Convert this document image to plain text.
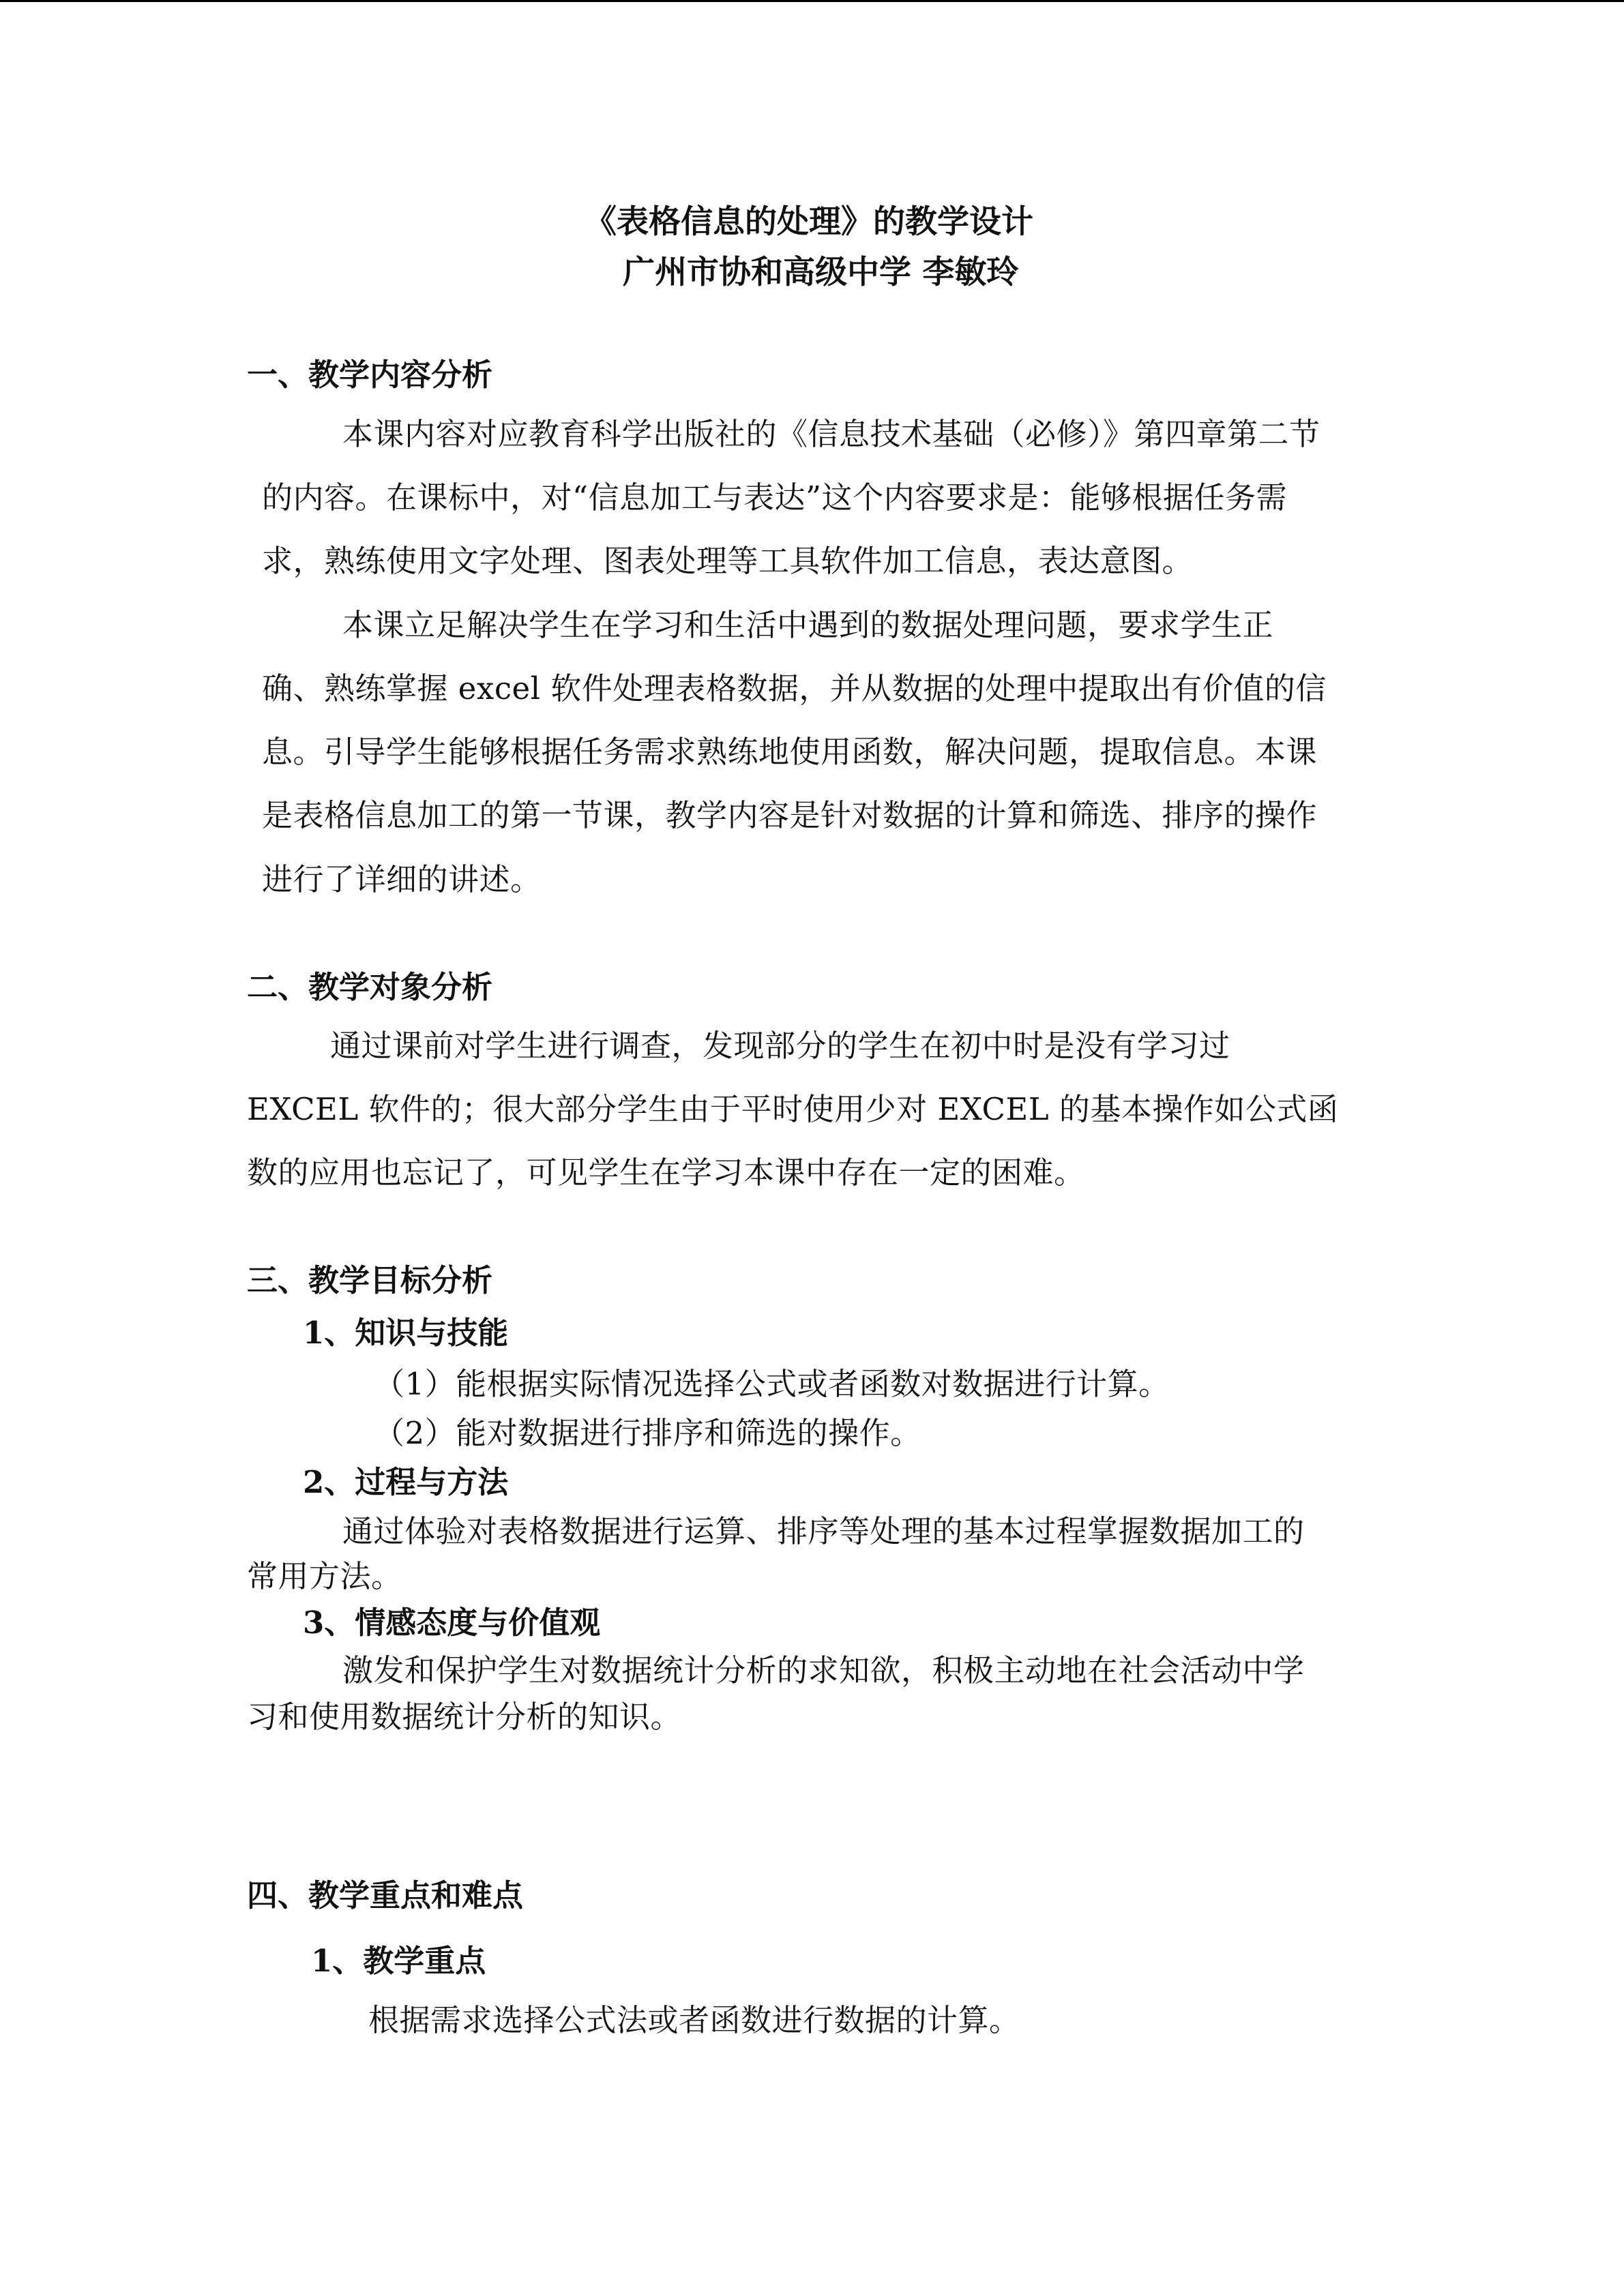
《表格信息的处理》的教学设计
广州市协和高级中学 李敏玲
一、教学内容分析
本课内容对应教育科学出版社的《信息技术基础（必修）》第四章第二节
的内容。在课标中，对“信息加工与表达”这个内容要求是：能够根据任务需
求，熟练使用文字处理、图表处理等工具软件加工信息，表达意图。
本课立足解决学生在学习和生活中遇到的数据处理问题，要求学生正
确、熟练掌握 excel 软件处理表格数据，并从数据的处理中提取出有价值的信
息。引导学生能够根据任务需求熟练地使用函数，解决问题，提取信息。本课
是表格信息加工的第一节课，教学内容是针对数据的计算和筛选、排序的操作
进行了详细的讲述。
二、教学对象分析
通过课前对学生进行调查，发现部分的学生在初中时是没有学习过
EXCEL 软件的；很大部分学生由于平时使用少对 EXCEL 的基本操作如公式函
数的应用也忘记了，可见学生在学习本课中存在一定的困难。
三、教学目标分析
1、知识与技能
（1）能根据实际情况选择公式或者函数对数据进行计算。
（2）能对数据进行排序和筛选的操作。
2、过程与方法
通过体验对表格数据进行运算、排序等处理的基本过程掌握数据加工的
常用方法。
3、情感态度与价值观
激发和保护学生对数据统计分析的求知欲，积极主动地在社会活动中学
习和使用数据统计分析的知识。
四、教学重点和难点
1、教学重点
根据需求选择公式法或者函数进行数据的计算。
